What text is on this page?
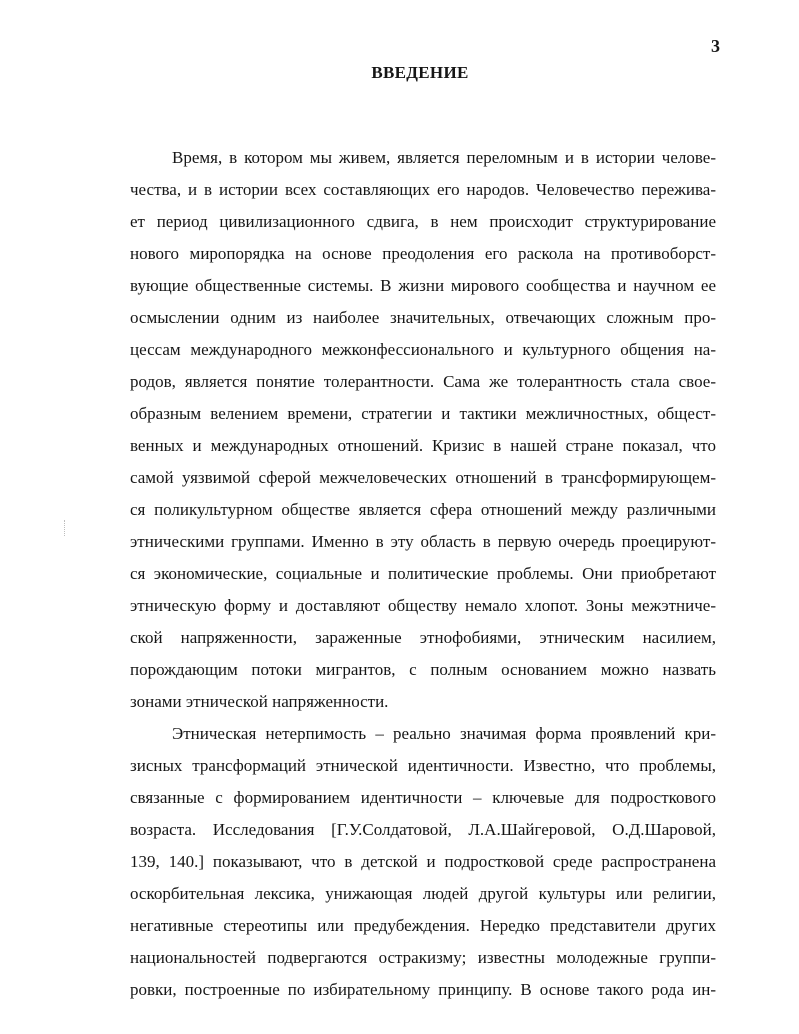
3
ВВЕДЕНИЕ
Время, в котором мы живем, является переломным и в истории челове-
чества, и в истории всех составляющих его народов. Человечество пережива-
ет период цивилизационного сдвига, в нем происходит структурирование
нового миропорядка на основе преодоления его раскола на противоборст-
вующие общественные системы. В жизни мирового сообщества и научном ее
осмыслении одним из наиболее значительных, отвечающих сложным про-
цессам международного межконфессионального и культурного общения на-
родов, является понятие толерантности. Сама же толерантность стала свое-
образным велением времени, стратегии и тактики межличностных, общест-
венных и международных отношений. Кризис в нашей стране показал, что
самой уязвимой сферой межчеловеческих отношений в трансформирующем-
ся поликультурном обществе является сфера отношений между различными
этническими группами. Именно в эту область в первую очередь проецируют-
ся экономические, социальные и политические проблемы. Они приобретают
этническую форму и доставляют обществу немало хлопот. Зоны межэтниче-
ской напряженности, зараженные этнофобиями, этническим насилием,
порождающим потоки мигрантов, с полным основанием можно назвать
зонами этнической напряженности.
Этническая нетерпимость – реально значимая форма проявлений кри-
зисных трансформаций этнической идентичности. Известно, что проблемы,
связанные с формированием идентичности – ключевые для подросткового
возраста. Исследования [Г.У.Солдатовой, Л.А.Шайгеровой, О.Д.Шаровой,
139, 140.] показывают, что в детской и подростковой среде распространена
оскорбительная лексика, унижающая людей другой культуры или религии,
негативные стереотипы или предубеждения. Нередко представители других
национальностей подвергаются остракизму; известны молодежные группи-
ровки, построенные по избирательному принципу. В основе такого рода ин-
